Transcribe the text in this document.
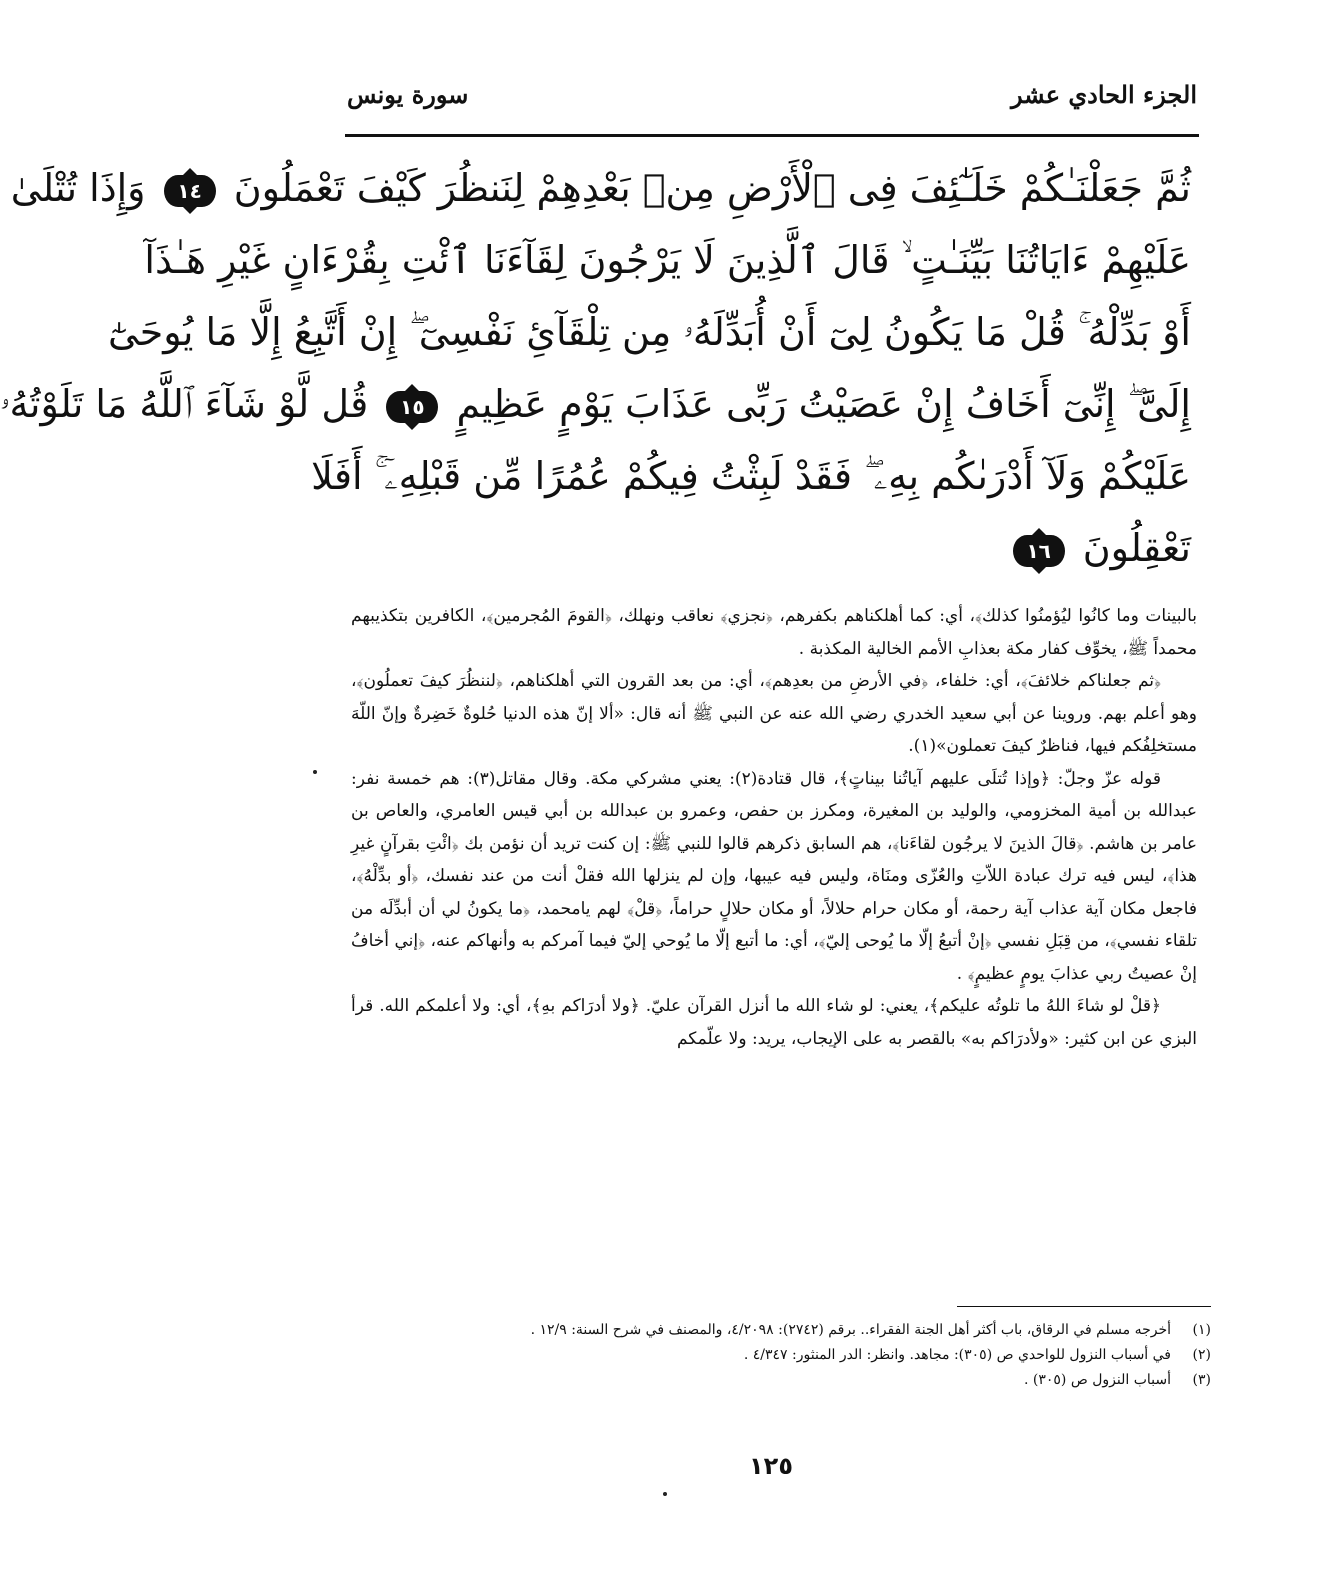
الجزء الحادي عشر
سورة يونس
ثُمَّ جَعَلْنَـٰكُمْ خَلَـٰٓئِفَ فِى ٱلْأَرْضِ مِنۢ بَعْدِهِمْ لِنَنظُرَ كَيْفَ تَعْمَلُونَ ١٤ وَإِذَا تُتْلَىٰ
عَلَيْهِمْ ءَايَاتُنَا بَيِّنَـٰتٍ ۙ قَالَ ٱلَّذِينَ لَا يَرْجُونَ لِقَآءَنَا ٱئْتِ بِقُرْءَانٍ غَيْرِ هَـٰذَآ
أَوْ بَدِّلْهُ ۚ قُلْ مَا يَكُونُ لِىٓ أَنْ أُبَدِّلَهُۥ مِن تِلْقَآئِ نَفْسِىٓ ۖ إِنْ أَتَّبِعُ إِلَّا مَا يُوحَىٰٓ
إِلَىَّ ۖ إِنِّىٓ أَخَافُ إِنْ عَصَيْتُ رَبِّى عَذَابَ يَوْمٍ عَظِيمٍ ١٥ قُل لَّوْ شَآءَ ٱللَّهُ مَا تَلَوْتُهُۥ
عَلَيْكُمْ وَلَآ أَدْرَىٰكُم بِهِۦ ۖ فَقَدْ لَبِثْتُ فِيكُمْ عُمُرًا مِّن قَبْلِهِۦٓ ۚ أَفَلَا
تَعْقِلُونَ ١٦

بالبينات وما كانُوا ليُؤمنُوا كذلك﴾، أي: كما أهلكناهم بكفرهم، ﴿نجزي﴾ نعاقب ونهلك، ﴿القومَ المُجرمين﴾، الكافرين بتكذيبهم محمداً ﷺ، يخوِّف كفار مكة بعذابِ الأمم الخالية المكذبة .

﴿ثم جعلناكم خلائفَ﴾، أي: خلفاء، ﴿في الأرضِ من بعدِهم﴾، أي: من بعد القرون التي أهلكناهم، ﴿لننظُرَ كيفَ تعملُون﴾، وهو أعلم بهم. وروينا عن أبي سعيد الخدري رضي الله عنه عن النبي ﷺ أنه قال: «ألا إنّ هذه الدنيا حُلوةٌ خَضِرةٌ وإنّ اللّهَ مستخلِفُكم فيها، فناظرٌ كيفَ تعملون»(١).

قوله عزّ وجلّ: ﴿وإذا تُتلَى عليهم آياتُنا بيناتٍ﴾، قال قتادة(٢): يعني مشركي مكة. وقال مقاتل(٣): هم خمسة نفر: عبدالله بن أمية المخزومي، والوليد بن المغيرة، ومكرز بن حفص، وعمرو بن عبدالله بن أبي قيس العامري، والعاص بن عامر بن هاشم. ﴿قالَ الذينَ لا يرجُون لقاءَنا﴾، هم السابق ذكرهم قالوا للنبي ﷺ: إن كنت تريد أن نؤمن بك ﴿ائْتِ بقرآنٍ غيرِ هذا﴾، ليس فيه ترك عبادة اللاّتِ والعُزّى ومنَاة، وليس فيه عيبها، وإن لم ينزلها الله فقلْ أنت من عند نفسك، ﴿أو بدِّلْهُ﴾، فاجعل مكان آية عذاب آية رحمة، أو مكان حرام حلالاً، أو مكان حلالٍ حراماً، ﴿قلْ﴾ لهم يامحمد، ﴿ما يكونُ لي أن أبدِّلَه من تلقاء نفسي﴾، من قِبَلِ نفسي ﴿إنْ أتبعُ إلّا ما يُوحى إليّ﴾، أي: ما أتبع إلّا ما يُوحي إليّ فيما آمركم به وأنهاكم عنه، ﴿إني أخافُ إنْ عصيتُ ربي عذابَ يومٍ عظيمٍ﴾ .

﴿قلْ لو شاءَ اللهُ ما تلوتُه عليكم﴾، يعني: لو شاء الله ما أنزل القرآن عليّ. ﴿ولا أدرَاكم بهِ﴾، أي: ولا أعلمكم الله. قرأ البزي عن ابن كثير: «ولأدرَاكم به» بالقصر به على الإيجاب، يريد: ولا علّمكم

(١)
أخرجه مسلم في الرقاق، باب أكثر أهل الجنة الفقراء.. برقم (٢٧٤٢): ٤/٢٠٩٨، والمصنف في شرح السنة: ١٢/٩ .
(٢)
في أسباب النزول للواحدي ص (٣٠٥): مجاهد. وانظر: الدر المنثور: ٤/٣٤٧ .
(٣)
أسباب النزول ص (٣٠٥) .
١٢٥
